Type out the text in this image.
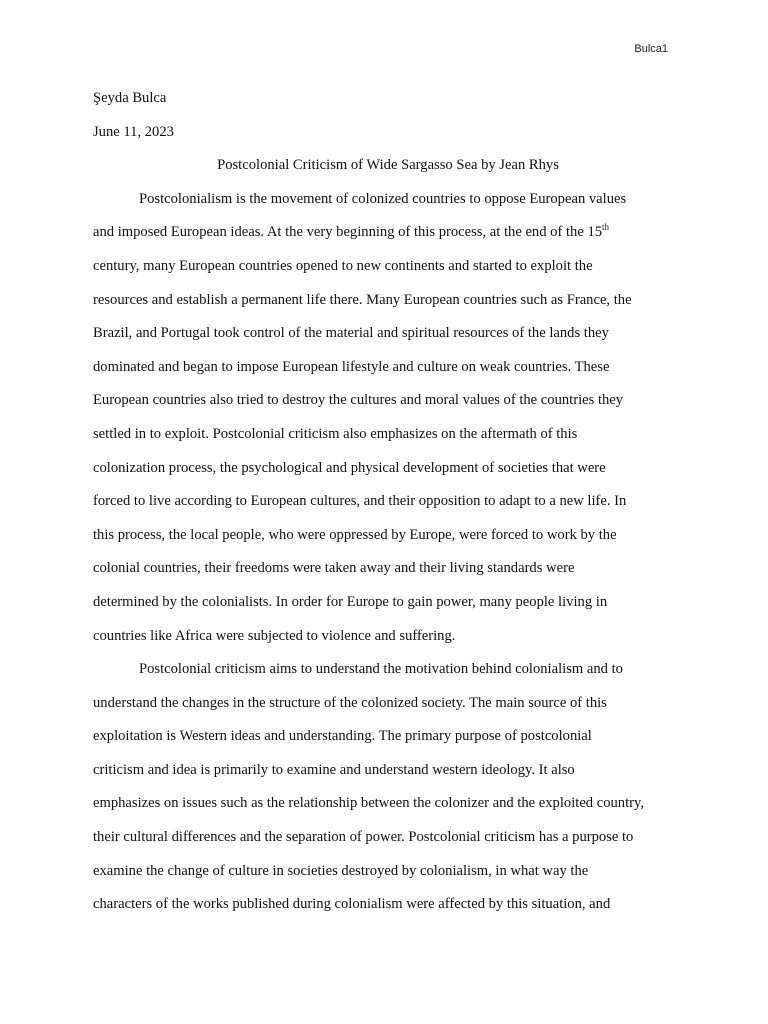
Bulca1

Şeyda Bulca

June 11, 2023

Postcolonial Criticism of Wide Sargasso Sea by Jean Rhys

Postcolonialism is the movement of colonized countries to oppose European values

and imposed European ideas. At the very beginning of this process, at the end of the 15th

century, many European countries opened to new continents and started to exploit the

resources and establish a permanent life there. Many European countries such as France, the

Brazil, and Portugal took control of the material and spiritual resources of the lands they

dominated and began to impose European lifestyle and culture on weak countries. These

European countries also tried to destroy the cultures and moral values of the countries they

settled in to exploit. Postcolonial criticism also emphasizes on the aftermath of this

colonization process, the psychological and physical development of societies that were

forced to live according to European cultures, and their opposition to adapt to a new life. In

this process, the local people, who were oppressed by Europe, were forced to work by the

colonial countries, their freedoms were taken away and their living standards were

determined by the colonialists. In order for Europe to gain power, many people living in

countries like Africa were subjected to violence and suffering.

Postcolonial criticism aims to understand the motivation behind colonialism and to

understand the changes in the structure of the colonized society. The main source of this

exploitation is Western ideas and understanding. The primary purpose of postcolonial

criticism and idea is primarily to examine and understand western ideology. It also

emphasizes on issues such as the relationship between the colonizer and the exploited country,

their cultural differences and the separation of power. Postcolonial criticism has a purpose to

examine the change of culture in societies destroyed by colonialism, in what way the

characters of the works published during colonialism were affected by this situation, and
